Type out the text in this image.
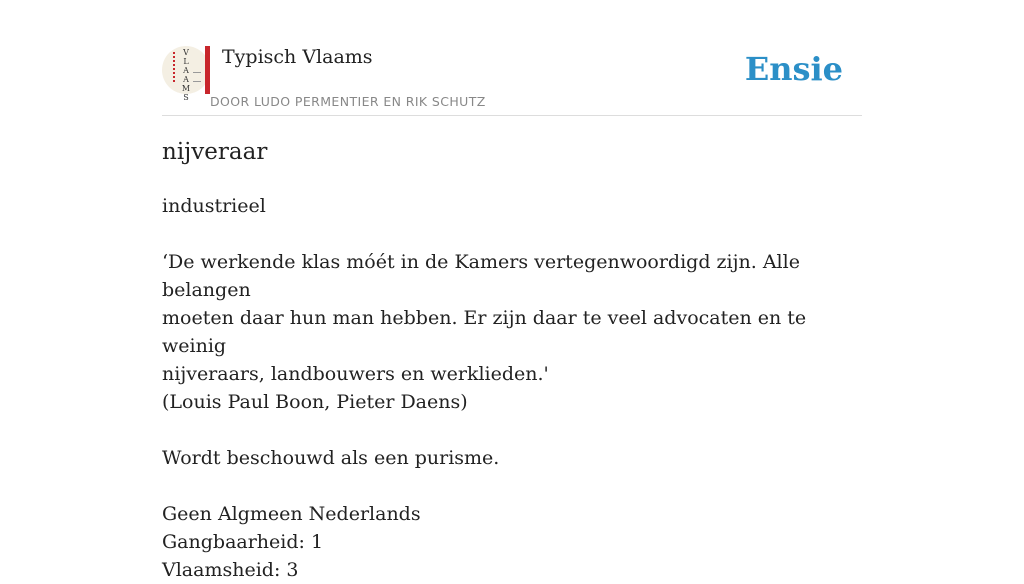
V
L
A
A
M
S
Typisch Vlaams
DOOR LUDO PERMENTIER EN RIK SCHUTZ
Ensie
nijveraar

industrieel

‘De werkende klas móét in de Kamers vertegenwoordigd zijn. Alle belangen

moeten daar hun man hebben. Er zijn daar te veel advocaten en te weinig

nijveraars, landbouwers en werklieden.'

(Louis Paul Boon, Pieter Daens)

Wordt beschouwd als een purisme.

Geen Algmeen Nederlands

Gangbaarheid: 1

Vlaamsheid: 3
